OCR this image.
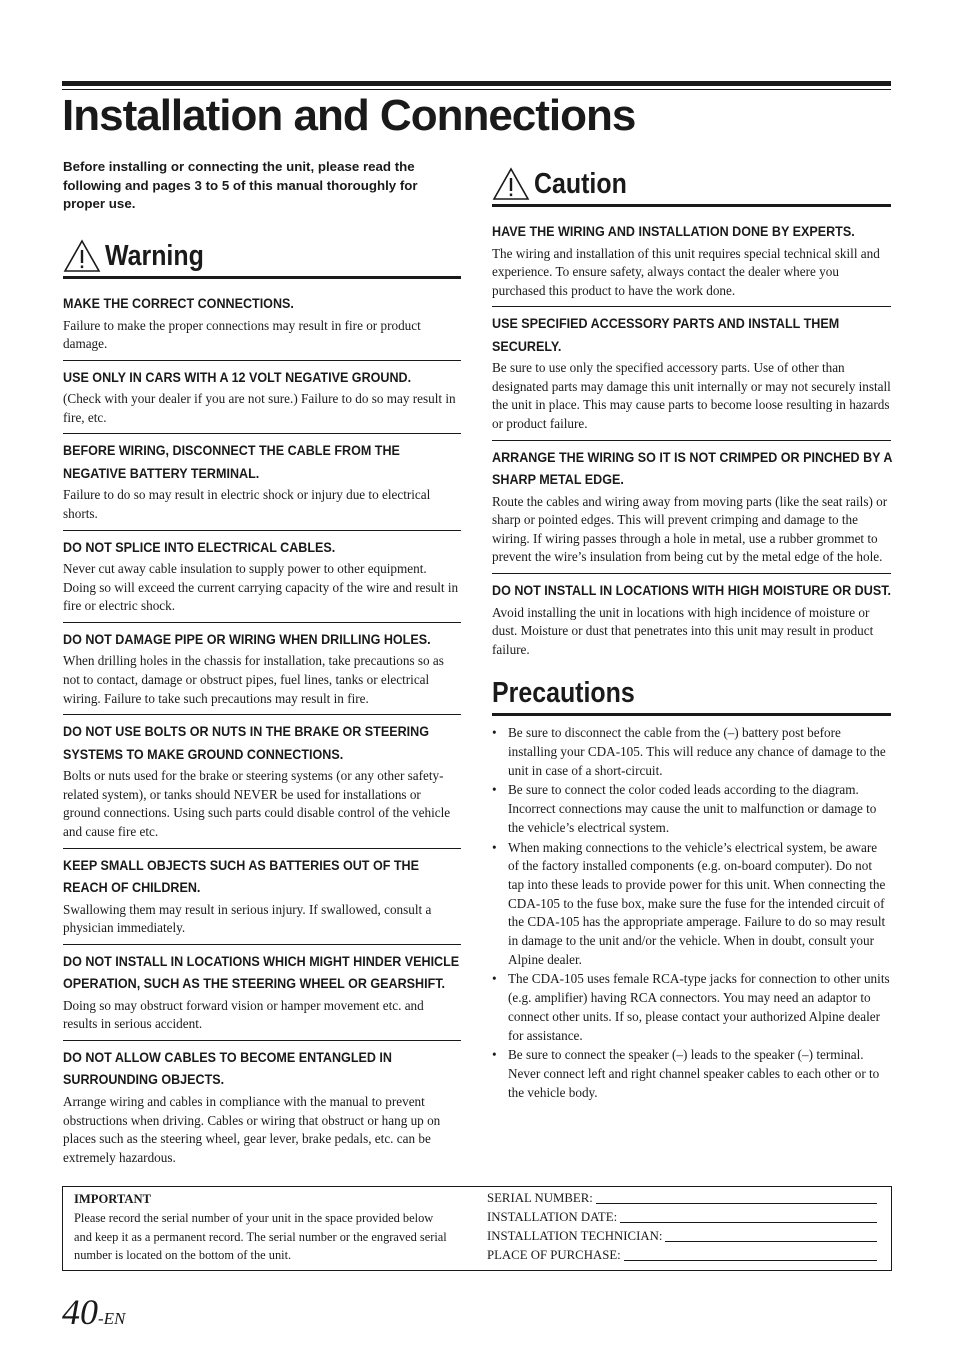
Installation and Connections

Before installing or connecting the unit, please read the following and pages 3 to 5 of this manual thoroughly for proper use.

Warning
MAKE THE CORRECT CONNECTIONS.
Failure to make the proper connections may result in fire or product damage.
USE ONLY IN CARS WITH A 12 VOLT NEGATIVE GROUND.
(Check with your dealer if you are not sure.) Failure to do so may result in fire, etc.
BEFORE WIRING, DISCONNECT THE CABLE FROM THE NEGATIVE BATTERY TERMINAL.
Failure to do so may result in electric shock or injury due to electrical shorts.
DO NOT SPLICE INTO ELECTRICAL CABLES.
Never cut away cable insulation to supply power to other equipment. Doing so will exceed the current carrying capacity of the wire and result in fire or electric shock.
DO NOT DAMAGE PIPE OR WIRING WHEN DRILLING HOLES.
When drilling holes in the chassis for installation, take precautions so as not to contact, damage or obstruct pipes, fuel lines, tanks or electrical wiring. Failure to take such precautions may result in fire.
DO NOT USE BOLTS OR NUTS IN THE BRAKE OR STEERING SYSTEMS TO MAKE GROUND CONNECTIONS.
Bolts or nuts used for the brake or steering systems (or any other safety-related system), or tanks should NEVER be used for installations or ground connections. Using such parts could disable control of the vehicle and cause fire etc.
KEEP SMALL OBJECTS SUCH AS BATTERIES OUT OF THE REACH OF CHILDREN.
Swallowing them may result in serious injury. If swallowed, consult a physician immediately.
DO NOT INSTALL IN LOCATIONS WHICH MIGHT HINDER VEHICLE OPERATION, SUCH AS THE STEERING WHEEL OR GEARSHIFT.
Doing so may obstruct forward vision or hamper movement etc. and results in serious accident.
DO NOT ALLOW CABLES TO BECOME ENTANGLED IN SURROUNDING OBJECTS.
Arrange wiring and cables in compliance with the manual to prevent obstructions when driving. Cables or wiring that obstruct or hang up on places such as the steering wheel, gear lever, brake pedals, etc. can be extremely hazardous.
Caution
HAVE THE WIRING AND INSTALLATION DONE BY EXPERTS.
The wiring and installation of this unit requires special technical skill and experience. To ensure safety, always contact the dealer where you purchased this product to have the work done.
USE SPECIFIED ACCESSORY PARTS AND INSTALL THEM SECURELY.
Be sure to use only the specified accessory parts. Use of other than designated parts may damage this unit internally or may not securely install the unit in place. This may cause parts to become loose resulting in hazards or product failure.
ARRANGE THE WIRING SO IT IS NOT CRIMPED OR PINCHED BY A SHARP METAL EDGE.
Route the cables and wiring away from moving parts (like the seat rails) or sharp or pointed edges. This will prevent crimping and damage to the wiring. If wiring passes through a hole in metal, use a rubber grommet to prevent the wire’s insulation from being cut by the metal edge of the hole.
DO NOT INSTALL IN LOCATIONS WITH HIGH MOISTURE OR DUST.
Avoid installing the unit in locations with high incidence of moisture or dust. Moisture or dust that penetrates into this unit may result in product failure.
Precautions
• Be sure to disconnect the cable from the (–) battery post before installing your CDA-105. This will reduce any chance of damage to the unit in case of a short-circuit.
• Be sure to connect the color coded leads according to the diagram. Incorrect connections may cause the unit to malfunction or damage to the vehicle’s electrical system.
• When making connections to the vehicle’s electrical system, be aware of the factory installed components (e.g. on-board computer). Do not tap into these leads to provide power for this unit. When connecting the CDA-105 to the fuse box, make sure the fuse for the intended circuit of the CDA-105 has the appropriate amperage. Failure to do so may result in damage to the unit and/or the vehicle. When in doubt, consult your Alpine dealer.
• The CDA-105 uses female RCA-type jacks for connection to other units (e.g. amplifier) having RCA connectors. You may need an adaptor to connect other units. If so, please contact your authorized Alpine dealer for assistance.
• Be sure to connect the speaker (–) leads to the speaker (–) terminal. Never connect left and right channel speaker cables to each other or to the vehicle body.
IMPORTANT
Please record the serial number of your unit in the space provided below and keep it as a permanent record. The serial number or the engraved serial number is located on the bottom of the unit.
SERIAL NUMBER:
INSTALLATION DATE:
INSTALLATION TECHNICIAN:
PLACE OF PURCHASE:
40-EN
